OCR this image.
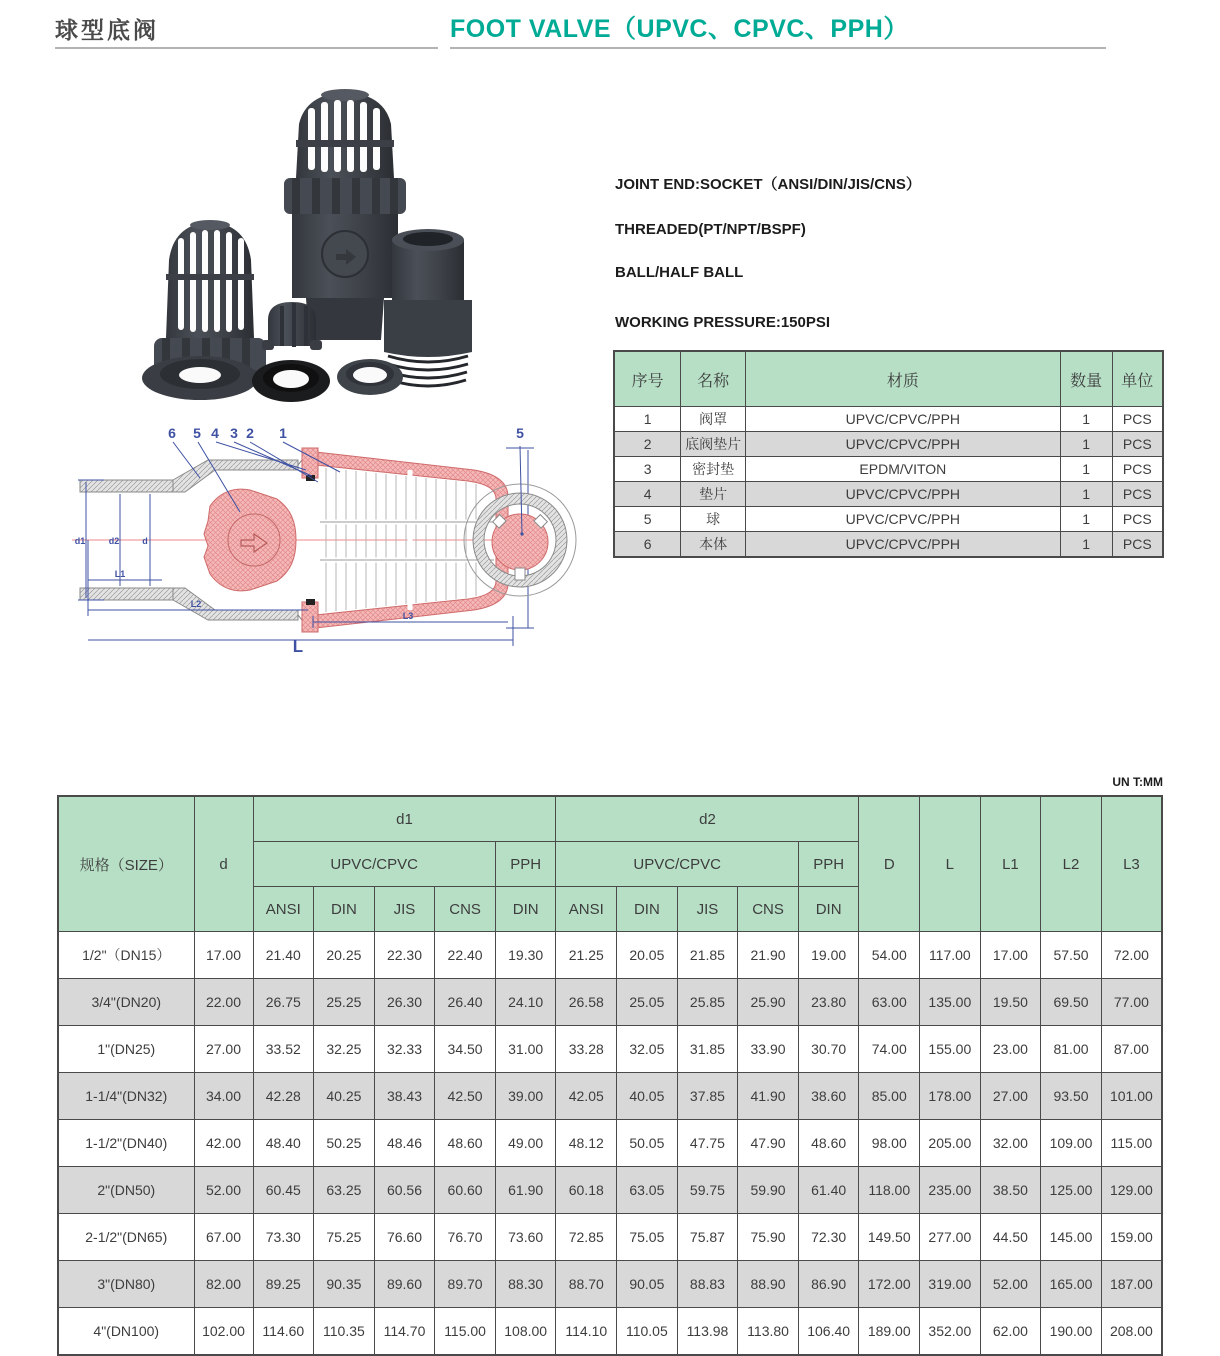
球型底阀	FOOT VALVE（UPVC、CPVC、PPH）
JOINT END:SOCKET（ANSI/DIN/JIS/CNS）
THREADED(PT/NPT/BSPF)
BALL/HALF BALL
WORKING PRESSURE:150PSI
序号	名称	材质	数量	单位
1	阀罩	UPVC/CPVC/PPH	1	PCS
2	底阀垫片	UPVC/CPVC/PPH	1	PCS
3	密封垫	EPDM/VITON	1	PCS
4	垫片	UPVC/CPVC/PPH	1	PCS
5	球	UPVC/CPVC/PPH	1	PCS
6	本体	UPVC/CPVC/PPH	1	PCS
d1	d2	d
L1
L2
L3
L
6 5 4 3 2 1	5
UN T:MM
规格（SIZE）	d	d1					d2					D	L	L1	L2	L3
		UPVC/CPVC				PPH	UPVC/CPVC				PPH					
		ANSI	DIN	JIS	CNS	DIN	ANSI	DIN	JIS	CNS	DIN					
1/2"（DN15）	17.00	21.40	20.25	22.30	22.40	19.30	21.25	20.05	21.85	21.90	19.00	54.00	117.00	17.00	57.50	72.00
3/4"(DN20)	22.00	26.75	25.25	26.30	26.40	24.10	26.58	25.05	25.85	25.90	23.80	63.00	135.00	19.50	69.50	77.00
1"(DN25)	27.00	33.52	32.25	32.33	34.50	31.00	33.28	32.05	31.85	33.90	30.70	74.00	155.00	23.00	81.00	87.00
1-1/4"(DN32)	34.00	42.28	40.25	38.43	42.50	39.00	42.05	40.05	37.85	41.90	38.60	85.00	178.00	27.00	93.50	101.00
1-1/2"(DN40)	42.00	48.40	50.25	48.46	48.60	49.00	48.12	50.05	47.75	47.90	48.60	98.00	205.00	32.00	109.00	115.00
2"(DN50)	52.00	60.45	63.25	60.56	60.60	61.90	60.18	63.05	59.75	59.90	61.40	118.00	235.00	38.50	125.00	129.00
2-1/2"(DN65)	67.00	73.30	75.25	76.60	76.70	73.60	72.85	75.05	75.87	75.90	72.30	149.50	277.00	44.50	145.00	159.00
3"(DN80)	82.00	89.25	90.35	89.60	89.70	88.30	88.70	90.05	88.83	88.90	86.90	172.00	319.00	52.00	165.00	187.00
4"(DN100)	102.00	114.60	110.35	114.70	115.00	108.00	114.10	110.05	113.98	113.80	106.40	189.00	352.00	62.00	190.00	208.00
